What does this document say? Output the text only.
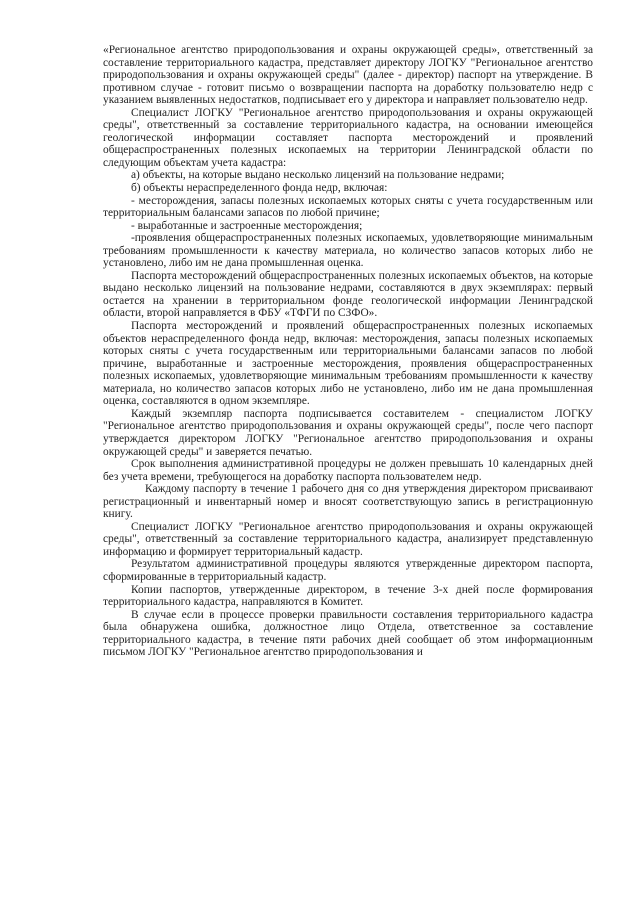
«Региональное агентство природопользования и охраны окружающей среды», ответственный за составление территориального кадастра, представляет директору ЛОГКУ "Региональное агентство природопользования и охраны окружающей среды" (далее - директор) паспорт на утверждение. В противном случае - готовит письмо о возвращении паспорта на доработку пользователю недр с указанием выявленных недостатков, подписывает его у директора и направляет пользователю недр.

Специалист ЛОГКУ "Региональное агентство природопользования и охраны окружающей среды", ответственный за составление территориального кадастра, на основании имеющейся геологической информации составляет паспорта месторождений и проявлений общераспространенных полезных ископаемых на территории Ленинградской области по следующим объектам учета кадастра:

а) объекты, на которые выдано несколько лицензий на пользование недрами;

б) объекты нераспределенного фонда недр, включая:

- месторождения, запасы полезных ископаемых которых сняты с учета государственным или территориальным балансами запасов по любой причине;

- выработанные и застроенные месторождения;

-проявления общераспространенных полезных ископаемых, удовлетворяющие минимальным требованиям промышленности к качеству материала, но количество запасов которых либо не установлено, либо им не дана промышленная оценка.

Паспорта месторождений общераспространенных полезных ископаемых объектов, на которые выдано несколько лицензий на пользование недрами, составляются в двух экземплярах: первый остается на хранении в территориальном фонде геологической информации Ленинградской области, второй направляется в ФБУ «ТФГИ по СЗФО».

Паспорта месторождений и проявлений общераспространенных полезных ископаемых объектов нераспределенного фонда недр, включая: месторождения, запасы полезных ископаемых которых сняты с учета государственным или территориальными балансами запасов по любой причине, выработанные и застроенные месторождения, проявления общераспространенных полезных ископаемых, удовлетворяющие минимальным требованиям промышленности к качеству материала, но количество запасов которых либо не установлено, либо им не дана промышленная оценка, составляются в одном экземпляре.

Каждый экземпляр паспорта подписывается составителем - специалистом ЛОГКУ "Региональное агентство природопользования и охраны окружающей среды", после чего паспорт утверждается директором ЛОГКУ "Региональное агентство природопользования и охраны окружающей среды" и заверяется печатью.

Срок выполнения административной процедуры не должен превышать 10 календарных дней без учета времени, требующегося на доработку паспорта пользователем недр.

Каждому паспорту в течение 1 рабочего дня со дня утверждения директором присваивают регистрационный и инвентарный номер и вносят соответствующую запись в регистрационную книгу.

Специалист ЛОГКУ "Региональное агентство природопользования и охраны окружающей среды", ответственный за составление территориального кадастра, анализирует представленную информацию и формирует территориальный кадастр.

Результатом административной процедуры являются утвержденные директором паспорта, сформированные в территориальный кадастр.

Копии паспортов, утвержденные директором, в течение 3-х дней после формирования территориального кадастра, направляются в Комитет.

В случае если в процессе проверки правильности составления территориального кадастра была обнаружена ошибка, должностное лицо Отдела, ответственное за составление территориального кадастра, в течение пяти рабочих дней сообщает об этом информационным письмом ЛОГКУ "Региональное агентство природопользования и
